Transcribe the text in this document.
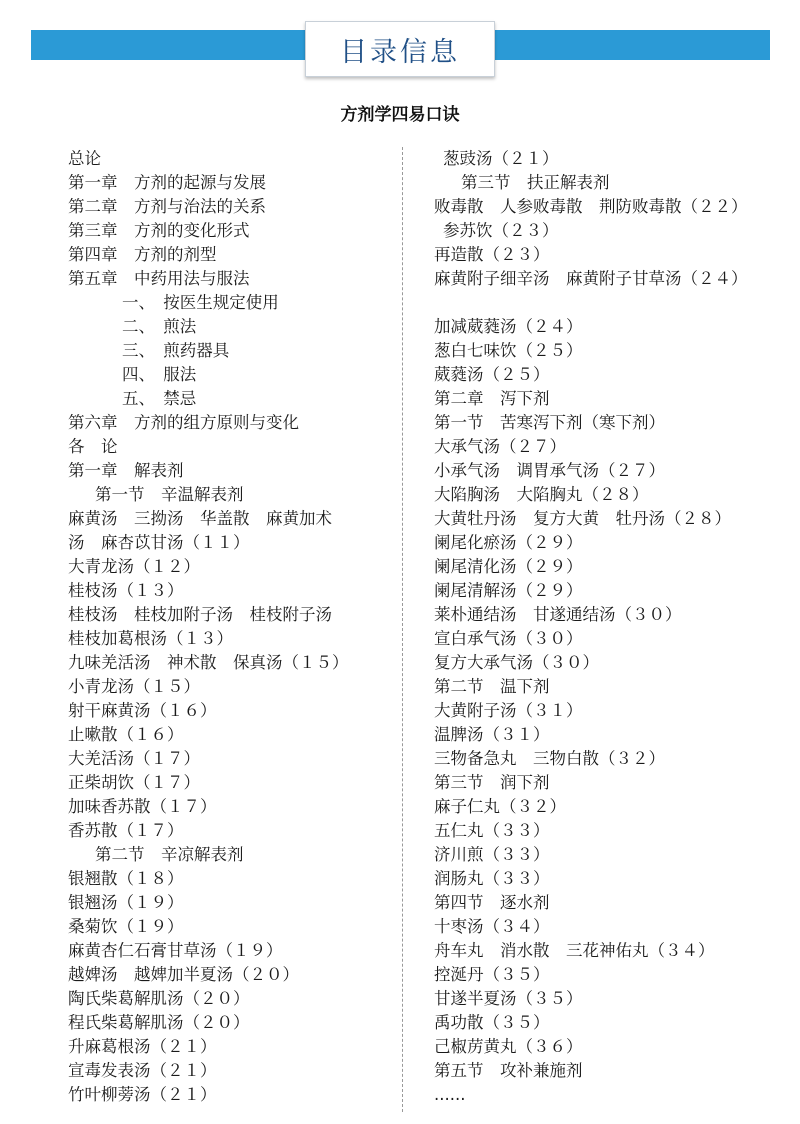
目录信息
方剂学四易口诀
总论
第一章　方剂的起源与发展
第二章　方剂与治法的关系
第三章　方剂的变化形式
第四章　方剂的剂型
第五章　中药用法与服法
一、　按医生规定使用
二、　煎法
三、　煎药器具
四、　服法
五、　禁忌
第六章　方剂的组方原则与变化
各　论
第一章　解表剂
第一节　辛温解表剂
麻黄汤　三拗汤　华盖散　麻黄加术
汤　麻杏苡甘汤（１１）
大青龙汤（１２）
桂枝汤（１３）
桂枝汤　桂枝加附子汤　桂枝附子汤
桂枝加葛根汤（１３）
九味羌活汤　神术散　保真汤（１５）
小青龙汤（１５）
射干麻黄汤（１６）
止嗽散（１６）
大羌活汤（１７）
正柴胡饮（１７）
加味香苏散（１７）
香苏散（１７）
第二节　辛凉解表剂
银翘散（１８）
银翘汤（１９）
桑菊饮（１９）
麻黄杏仁石膏甘草汤（１９）
越婢汤　越婢加半夏汤（２０）
陶氏柴葛解肌汤（２０）
程氏柴葛解肌汤（２０）
升麻葛根汤（２１）
宣毒发表汤（２１）
竹叶柳蒡汤（２１）
葱豉汤（２１）
第三节　扶正解表剂
败毒散　人参败毒散　荆防败毒散（２２）
参苏饮（２３）
再造散（２３）
麻黄附子细辛汤　麻黄附子甘草汤（２４）
加减葳蕤汤（２４）
葱白七味饮（２５）
葳蕤汤（２５）
第二章　泻下剂
第一节　苦寒泻下剂（寒下剂）
大承气汤（２７）
小承气汤　调胃承气汤（２７）
大陷胸汤　大陷胸丸（２８）
大黄牡丹汤　复方大黄　牡丹汤（２８）
阑尾化瘀汤（２９）
阑尾清化汤（２９）
阑尾清解汤（２９）
莱朴通结汤　甘遂通结汤（３０）
宣白承气汤（３０）
复方大承气汤（３０）
第二节　温下剂
大黄附子汤（３１）
温脾汤（３１）
三物备急丸　三物白散（３２）
第三节　润下剂
麻子仁丸（３２）
五仁丸（３３）
济川煎（３３）
润肠丸（３３）
第四节　逐水剂
十枣汤（３４）
舟车丸　消水散　三花神佑丸（３４）
控涎丹（３５）
甘遂半夏汤（３５）
禹功散（３５）
己椒苈黄丸（３６）
第五节　攻补兼施剂
......
